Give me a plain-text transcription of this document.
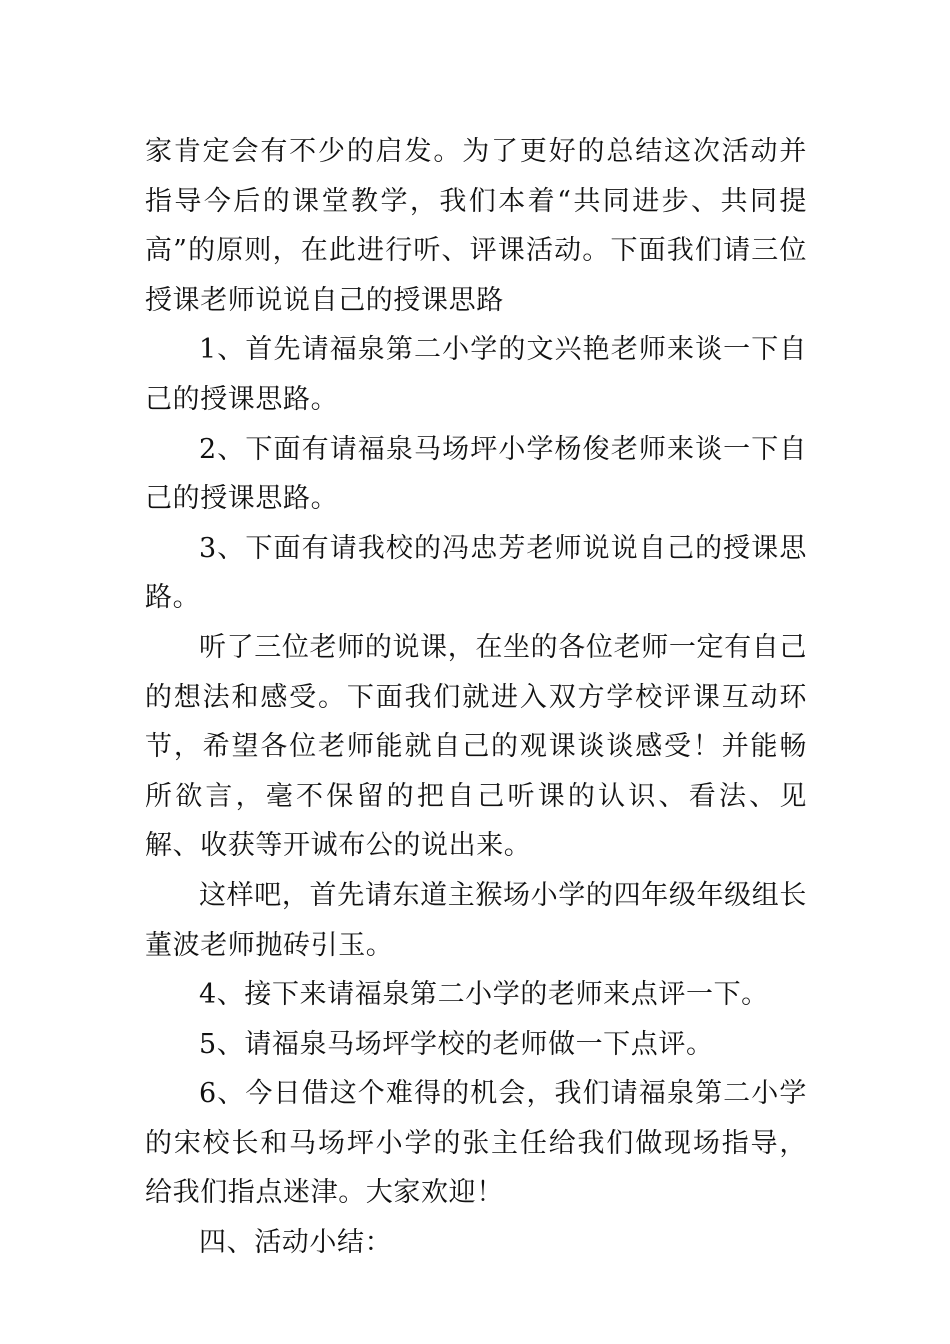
家肯定会有不少的启发。为了更好的总结这次活动并指导今后的课堂教学，我们本着“共同进步、共同提高”的原则，在此进行听、评课活动。下面我们请三位授课老师说说自己的授课思路

1、首先请福泉第二小学的文兴艳老师来谈一下自己的授课思路。

2、下面有请福泉马场坪小学杨俊老师来谈一下自己的授课思路。

3、下面有请我校的冯忠芳老师说说自己的授课思路。

听了三位老师的说课，在坐的各位老师一定有自己的想法和感受。下面我们就进入双方学校评课互动环节，希望各位老师能就自己的观课谈谈感受！并能畅所欲言，毫不保留的把自己听课的认识、看法、见解、收获等开诚布公的说出来。

这样吧，首先请东道主猴场小学的四年级年级组长董波老师抛砖引玉。

4、接下来请福泉第二小学的老师来点评一下。

5、请福泉马场坪学校的老师做一下点评。

6、今日借这个难得的机会，我们请福泉第二小学的宋校长和马场坪小学的张主任给我们做现场指导，给我们指点迷津。大家欢迎！

四、活动小结：
